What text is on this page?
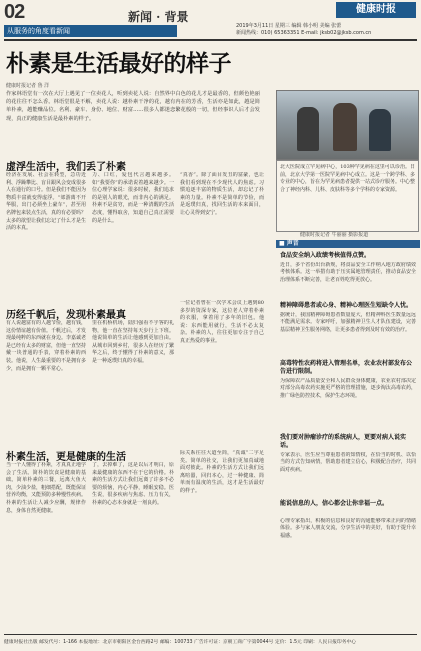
02
从服务的角度看新闻
新闻 · 背景
健康时报
2019年3月11日 星期三 编辑 韩小明 美编 张蕾
新闻热线：010) 65363351 E-mail: jksb02@jksb.com.cn
朴素是生活最好的样子
健康时报记者 鲁 洋
作家林语堂有一次在大厅上遇见了一位卖花人，听到卖花人说：自然界中白色的花儿才是最香的，但颜色艳丽的花往往不怎么香。林语堂很是不解，卖花人说：越朴素干净的花，越有内在的芳香，生活亦是如此，越是简单朴素，越能赚品位。名利、豪车、身份、地位、财富……很多人都迷恋繁花般的一切，但经事识人后才会发现，真正的健康生活是最朴素的样子。
虚浮生活中，我们丢了朴素
经济在发展、社会在转型，急功近利、浮躁攀比、盲目跟风会变成很多人在通行的口号。但是我们不能因为物质丰富就变得虚浮。“郊游离不开华服，出门必须坐上豪车”，甚至用名牌包来装点生活，真的有必要吗？太多的欲望让我们忘记了什么才是生活的本真。
力、口红，爱包代言越来越多。如“我要你”的承诺说着越来越少。一位心理学家说：很多时候，我们追求的是别人的眼光，而非内心的满足。朴素不是贫穷，而是一种清醒的生活态度，懂得取舍，知道自己真正需要的是什么。
“真香”。除了面目发丑的富豪，也让我们看到现在不少现代人的焦虑。习惯追逐丰富的物质生活，却忘记了朴素的力量。朴素不是简单的节俭，而是返璞归真，找回生活的本来面目，让心灵得到安宁。
历经千帆后，发现朴素最真
有人说越富有的人越节俭，越有钱，这份情谊越有价值。千帆过后，才发现最纯粹的东西就在身边。李嘉诚老是已经有太多的财富，但他一直坚持戴一块普通的手表，穿着朴素的西装。他说，人生最重要的不是拥有多少，而是拥有一颗平常心。
里在机桥机场，陆归强看不乎客的礼物，他一直在坚持每天步行上下班。他说简单的生活让他感到更加自由。从城市回到乡村，很多人在经历了繁华之后，终于懂得了朴素的意义，那是一种返璞归真的幸福。
一位记者曾在一次学术会议上遇到80多岁的资深专家，这位老人穿着朴素的衣服，拿着用了多年的旧包。他说：东西能用就行，生活不必太复杂。朴素的人，往往更加专注于自己真正热爱的事业。
朴素生活，更是健康的生活
当一个人懂得了朴素，才真真正地学会了生活。简朴的饮食是健康的基础。简单朴素的三餐，远离大鱼大肉，少油少盐，粗细搭配，既能保证营养均衡，又能预防多种慢性疾病。朴素的生活让人减少应酬，规律作息，身体自然更健康。
了，去掉难了，这是以后才明白，原来最健康的东西不在于它的价格。朴素的生活方式让我们远离了许多不必要的烦恼，内心平静，睡眠安稳。医生说，很多疾病与焦虑、压力有关，朴素的心态本身就是一剂良药。
际关系往往大道至简，“真诚”二字足矣。简单的社交，让我们更加真诚地面对彼此。朴素的生活方式让我们远离喧嚣，回归本心，过一种健康、简单而有温度的生活，这才是生活最好的样子。
北大医院成立罕见病中心，103种罕见病在这里可以诊治。日前，北京大学第一医院罕见病中心成立。这是一个跨学科、多专业的中心，旨在为罕见病患者提供一站式诊疗服务。中心整合了神经内科、儿科、皮肤科等多个学科的专家资源。
健康时报记者 牛丽丽 摄影报道
■ 声音
食品安全纳入政绩考核值得点赞。
近日，多个省份出台新规，将食品安全工作纳入地方政府绩效考核体系。这一举措有助于压实属地管理责任，推动食品安全治理体系不断完善，让老百姓吃得更放心。
精神障碍患者或心身、精神心理医生短缺令人忧。
据统计，我国精神障碍患者数量庞大，但精神科医生数量远远不能满足需求。专家呼吁，加强精神卫生人才队伍建设，完善基层精神卫生服务网络，让更多患者得到及时有效的治疗。
高毒特性农药将进入管理名单，农业农村部发布公告进行限制。
为保障农产品质量安全和人民群众身体健康，农业农村部决定对部分高毒农药实施更严格的管理措施，逐步淘汰高毒农药，推广绿色防控技术，保护生态环境。
我们要对肿瘤诊疗的系统病人，更要对病人说实话。
专家表示，医生应当尊重患者的知情权，在恰当的时机、以恰当的方式告知病情，帮助患者建立信心，积极配合治疗，共同面对疾病。
能说信息的人，信心都会让你幸福一点。
心理专家指出，积极的信息和良好的沟通能够带来正向的情绪体验。多与家人朋友交流，分享生活中的美好，有助于提升幸福感。
健康时报社出版 邮发代号：1-166 本报地址：北京市朝阳区金台西路2号 邮编：100733 广告许可证：京朝工商广字第0044号 定价：1.5元 印刷：人民日报印务中心
